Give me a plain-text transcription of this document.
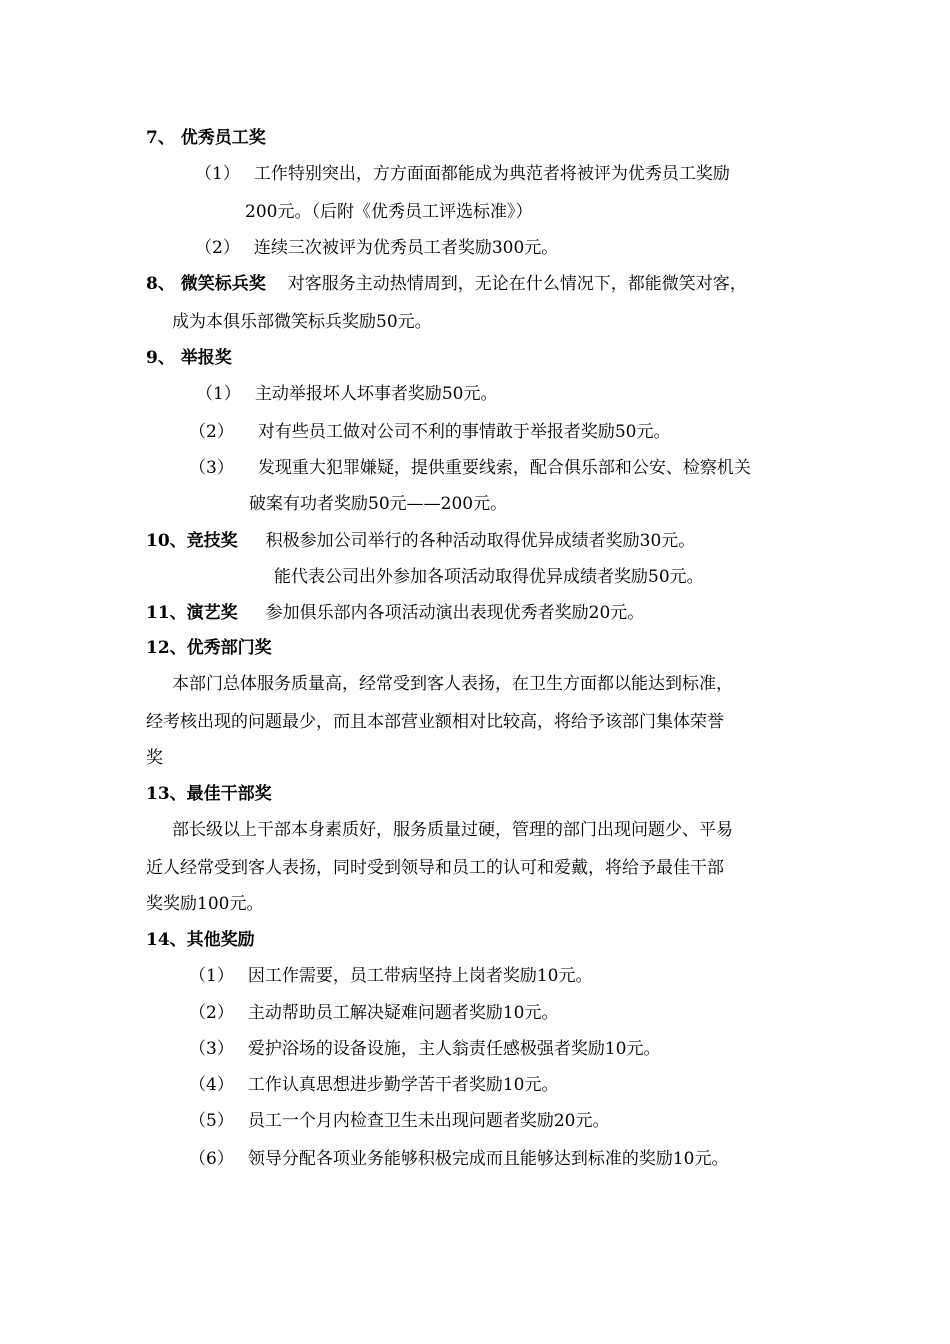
7、 优秀员工奖
（1） 工作特别突出，方方面面都能成为典范者将被评为优秀员工奖励
200元。（后附《优秀员工评选标准》）
（2） 连续三次被评为优秀员工者奖励300元。
8、 微笑标兵奖 对客服务主动热情周到，无论在什么情况下，都能微笑对客，
成为本俱乐部微笑标兵奖励50元。
9、 举报奖
（1） 主动举报坏人坏事者奖励50元。
（2） 对有些员工做对公司不利的事情敢于举报者奖励50元。
（3） 发现重大犯罪嫌疑，提供重要线索，配合俱乐部和公安、检察机关
破案有功者奖励50元——200元。
10、竞技奖 积极参加公司举行的各种活动取得优异成绩者奖励30元。
能代表公司出外参加各项活动取得优异成绩者奖励50元。
11、演艺奖 参加俱乐部内各项活动演出表现优秀者奖励20元。
12、优秀部门奖
本部门总体服务质量高，经常受到客人表扬，在卫生方面都以能达到标准，
经考核出现的问题最少，而且本部营业额相对比较高，将给予该部门集体荣誉
奖
13、最佳干部奖
部长级以上干部本身素质好，服务质量过硬，管理的部门出现问题少、平易
近人经常受到客人表扬，同时受到领导和员工的认可和爱戴，将给予最佳干部
奖奖励100元。
14、其他奖励
（1） 因工作需要，员工带病坚持上岗者奖励10元。
（2） 主动帮助员工解决疑难问题者奖励10元。
（3） 爱护浴场的设备设施，主人翁责任感极强者奖励10元。
（4） 工作认真思想进步勤学苦干者奖励10元。
（5） 员工一个月内检查卫生未出现问题者奖励20元。
（6） 领导分配各项业务能够积极完成而且能够达到标准的奖励10元。
